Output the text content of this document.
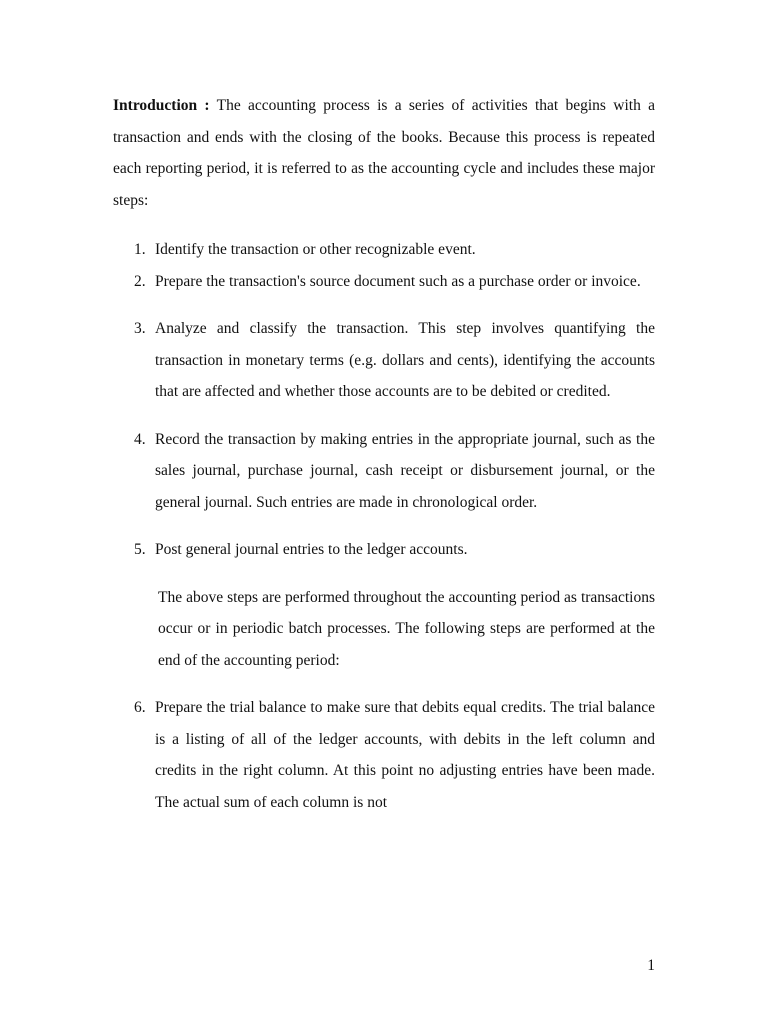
Introduction : The accounting process is a series of activities that begins with a transaction and ends with the closing of the books. Because this process is repeated each reporting period, it is referred to as the accounting cycle and includes these major steps:

1. Identify the transaction or other recognizable event.
2. Prepare the transaction's source document such as a purchase order or invoice.
3. Analyze and classify the transaction. This step involves quantifying the transaction in monetary terms (e.g. dollars and cents), identifying the accounts that are affected and whether those accounts are to be debited or credited.
4. Record the transaction by making entries in the appropriate journal, such as the sales journal, purchase journal, cash receipt or disbursement journal, or the general journal. Such entries are made in chronological order.
5. Post general journal entries to the ledger accounts.

The above steps are performed throughout the accounting period as transactions occur or in periodic batch processes. The following steps are performed at the end of the accounting period:

6. Prepare the trial balance to make sure that debits equal credits. The trial balance is a listing of all of the ledger accounts, with debits in the left column and credits in the right column. At this point no adjusting entries have been made. The actual sum of each column is not
1
